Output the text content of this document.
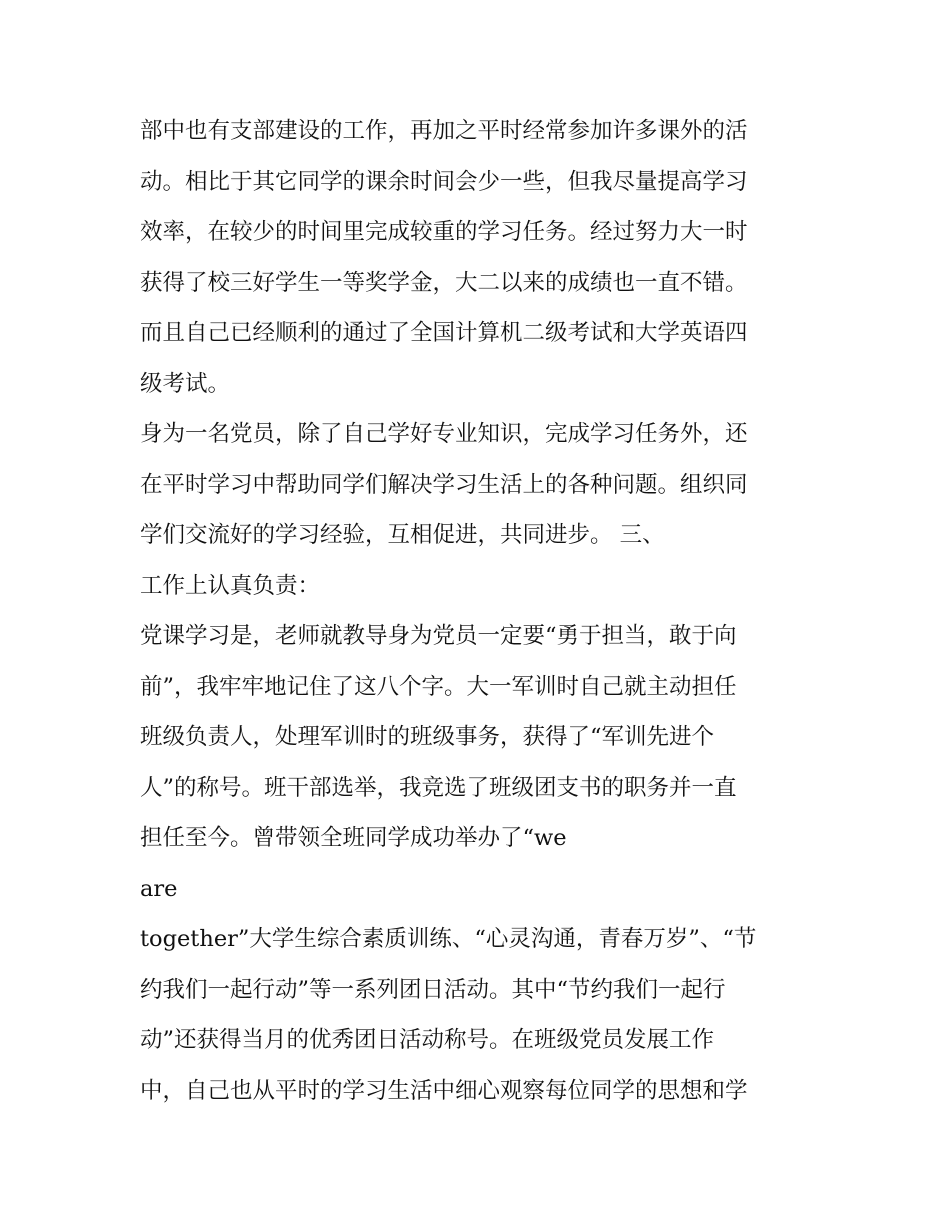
部中也有支部建设的工作，再加之平时经常参加许多课外的活
动。相比于其它同学的课余时间会少一些，但我尽量提高学习
效率，在较少的时间里完成较重的学习任务。经过努力大一时
获得了校三好学生一等奖学金，大二以来的成绩也一直不错。
而且自己已经顺利的通过了全国计算机二级考试和大学英语四
级考试。
身为一名党员，除了自己学好专业知识，完成学习任务外，还
在平时学习中帮助同学们解决学习生活上的各种问题。组织同
学们交流好的学习经验，互相促进，共同进步。 三、
工作上认真负责：
党课学习是，老师就教导身为党员一定要“勇于担当，敢于向
前”，我牢牢地记住了这八个字。大一军训时自己就主动担任
班级负责人，处理军训时的班级事务，获得了“军训先进个
人”的称号。班干部选举，我竞选了班级团支书的职务并一直
担任至今。曾带领全班同学成功举办了“we
are
together”大学生综合素质训练、“心灵沟通，青春万岁”、“节
约我们一起行动”等一系列团日活动。其中“节约我们一起行
动”还获得当月的优秀团日活动称号。在班级党员发展工作
中，自己也从平时的学习生活中细心观察每位同学的思想和学
